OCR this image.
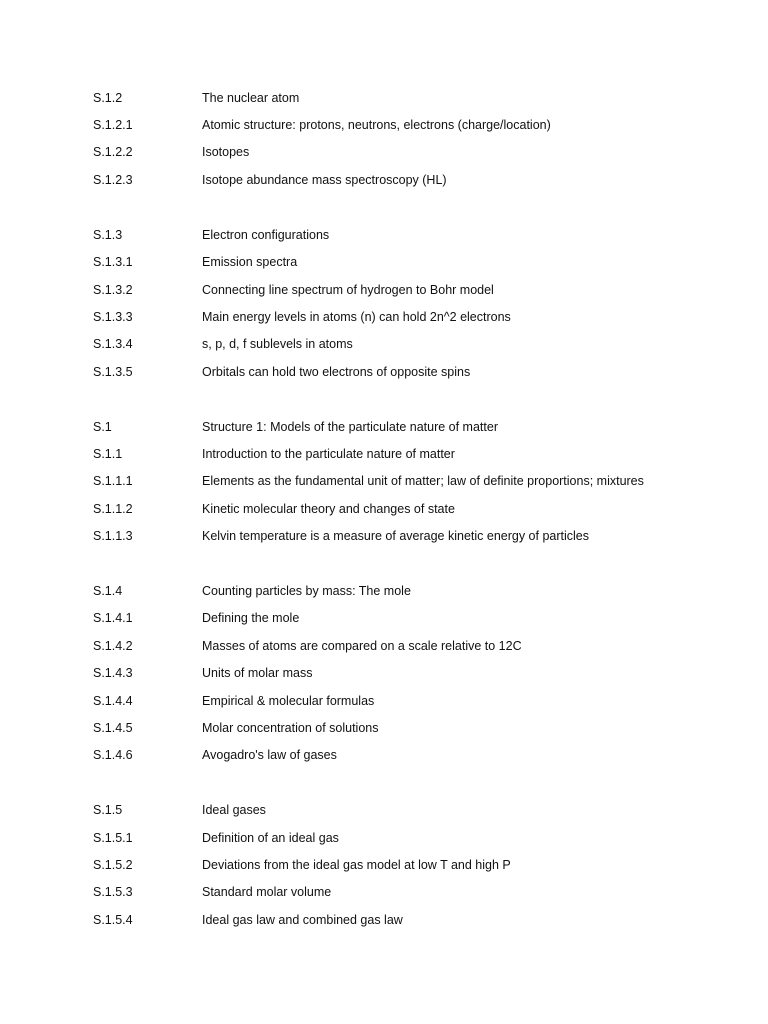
S.1.2	The nuclear atom
S.1.2.1	Atomic structure: protons, neutrons, electrons (charge/location)
S.1.2.2	Isotopes
S.1.2.3	Isotope abundance mass spectroscopy (HL)
S.1.3	Electron configurations
S.1.3.1	Emission spectra
S.1.3.2	Connecting line spectrum of hydrogen to Bohr model
S.1.3.3	Main energy levels in atoms (n) can hold 2n^2 electrons
S.1.3.4	s, p, d, f sublevels in atoms
S.1.3.5	Orbitals can hold two electrons of opposite spins
S.1	Structure 1: Models of the particulate nature of matter
S.1.1	Introduction to the particulate nature of matter
S.1.1.1	Elements as the fundamental unit of matter; law of definite proportions; mixtures
S.1.1.2	Kinetic molecular theory and changes of state
S.1.1.3	Kelvin temperature is a measure of average kinetic energy of particles
S.1.4	Counting particles by mass: The mole
S.1.4.1	Defining the mole
S.1.4.2	Masses of atoms are compared on a scale relative to 12C
S.1.4.3	Units of molar mass
S.1.4.4	Empirical & molecular formulas
S.1.4.5	Molar concentration of solutions
S.1.4.6	Avogadro's law of gases
S.1.5	Ideal gases
S.1.5.1	Definition of an ideal gas
S.1.5.2	Deviations from the ideal gas model at low T and high P
S.1.5.3	Standard molar volume
S.1.5.4	Ideal gas law and combined gas law
